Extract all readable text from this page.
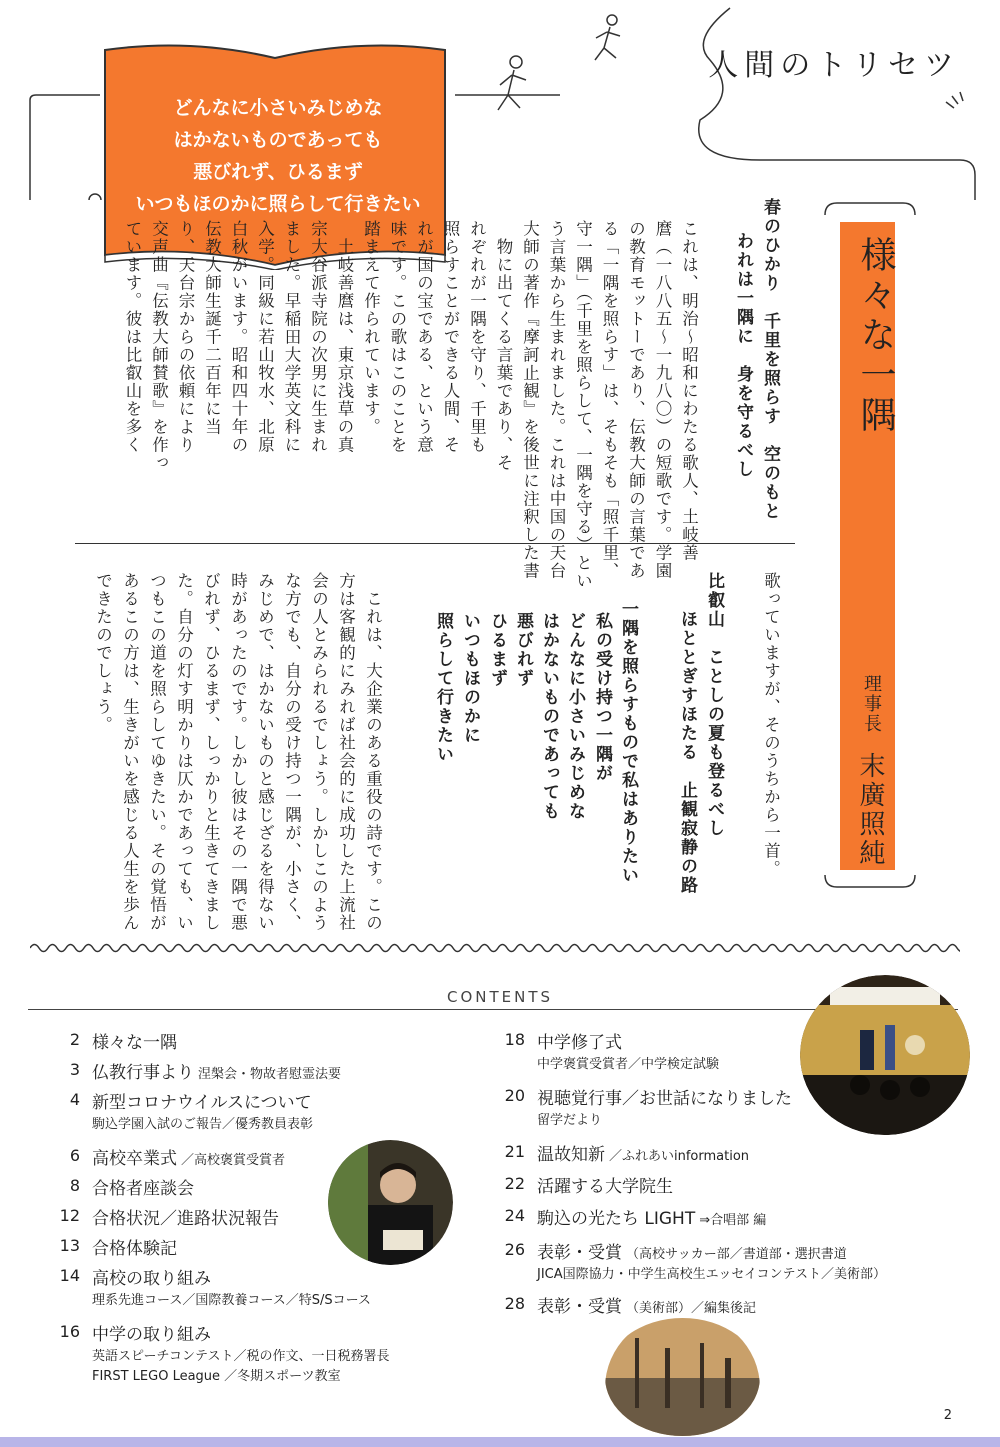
人間のトリセツ
どんなに小さいみじめな
はかないものであっても
悪びれず、ひるまず
いつもほのかに照らして行きたい
様々な一隅
理事長
末廣照純
春のひかり　千里を照らす　空のもと
われは一隅に　身を守るべし
これは、明治～昭和にわたる歌人、土岐善
麿（一八八五～一九八〇）の短歌です。学園
の教育モットーであり、伝教大師の言葉であ
る「一隅を照らす」は、そもそも「照千里、
守一隅」（千里を照らして、一隅を守る）とい
う言葉から生まれました。これは中国の天台
大師の著作『摩訶止観』を後世に注釈した書
　物に出てくる言葉であり、そ
れぞれが一隅を守り、千里も
照らすことができる人間、そ
れが国の宝である、という意
味です。この歌はこのことを
踏まえて作られています。
　土岐善麿は、東京浅草の真
宗大谷派寺院の次男に生まれ
ました。早稲田大学英文科に
入学。同級に若山牧水、北原
白秋がいます。昭和四十年の
伝教大師生誕千二百年に当
り、天台宗からの依頼により
交声曲『伝教大師賛歌』を作っ
ています。彼は比叡山を多く
歌っていますが、そのうちから一首。
比叡山　ことしの夏も登るべし
ほととぎすほたる　止観寂静の路
一隅を照らすもので私はありたい
私の受け持つ一隅が
どんなに小さいみじめな
はかないものであっても
悪びれず
ひるまず
いつもほのかに
照らして行きたい
これは、大企業のある重役の詩です。この
方は客観的にみれば社会的に成功した上流社
会の人とみられるでしょう。しかしこのよう
な方でも、自分の受け持つ一隅が、小さく、
みじめで、はかないものと感じざるを得ない
時があったのです。しかし彼はその一隅で悪
びれず、ひるまず、しっかりと生きてきまし
た。自分の灯す明かりは仄かであっても、い
つもこの道を照らしてゆきたい。その覚悟が
あるこの方は、生きがいを感じる人生を歩ん
できたのでしょう。
CONTENTS
2 様々な一隅
3 仏教行事より 涅槃会・物故者慰霊法要
4 新型コロナウイルスについて
駒込学園入試のご報告／優秀教員表彰
6 高校卒業式 ／高校褒賞受賞者
8 合格者座談会
12 合格状況／進路状況報告
13 合格体験記
14 高校の取り組み
理系先進コース／国際教養コース／特S/Sコース
16 中学の取り組み
英語スピーチコンテスト／税の作文、一日税務署長
FIRST LEGO League ／冬期スポーツ教室
18 中学修了式
中学褒賞受賞者／中学検定試験
20 視聴覚行事／お世話になりました
留学だより
21 温故知新 ／ふれあいinformation
22 活躍する大学院生
24 駒込の光たち LIGHT ⇒合唱部 編
26 表彰・受賞 （高校サッカー部／書道部・選択書道
JICA国際協力・中学生高校生エッセイコンテスト／美術部）
28 表彰・受賞 （美術部）／編集後記
2
